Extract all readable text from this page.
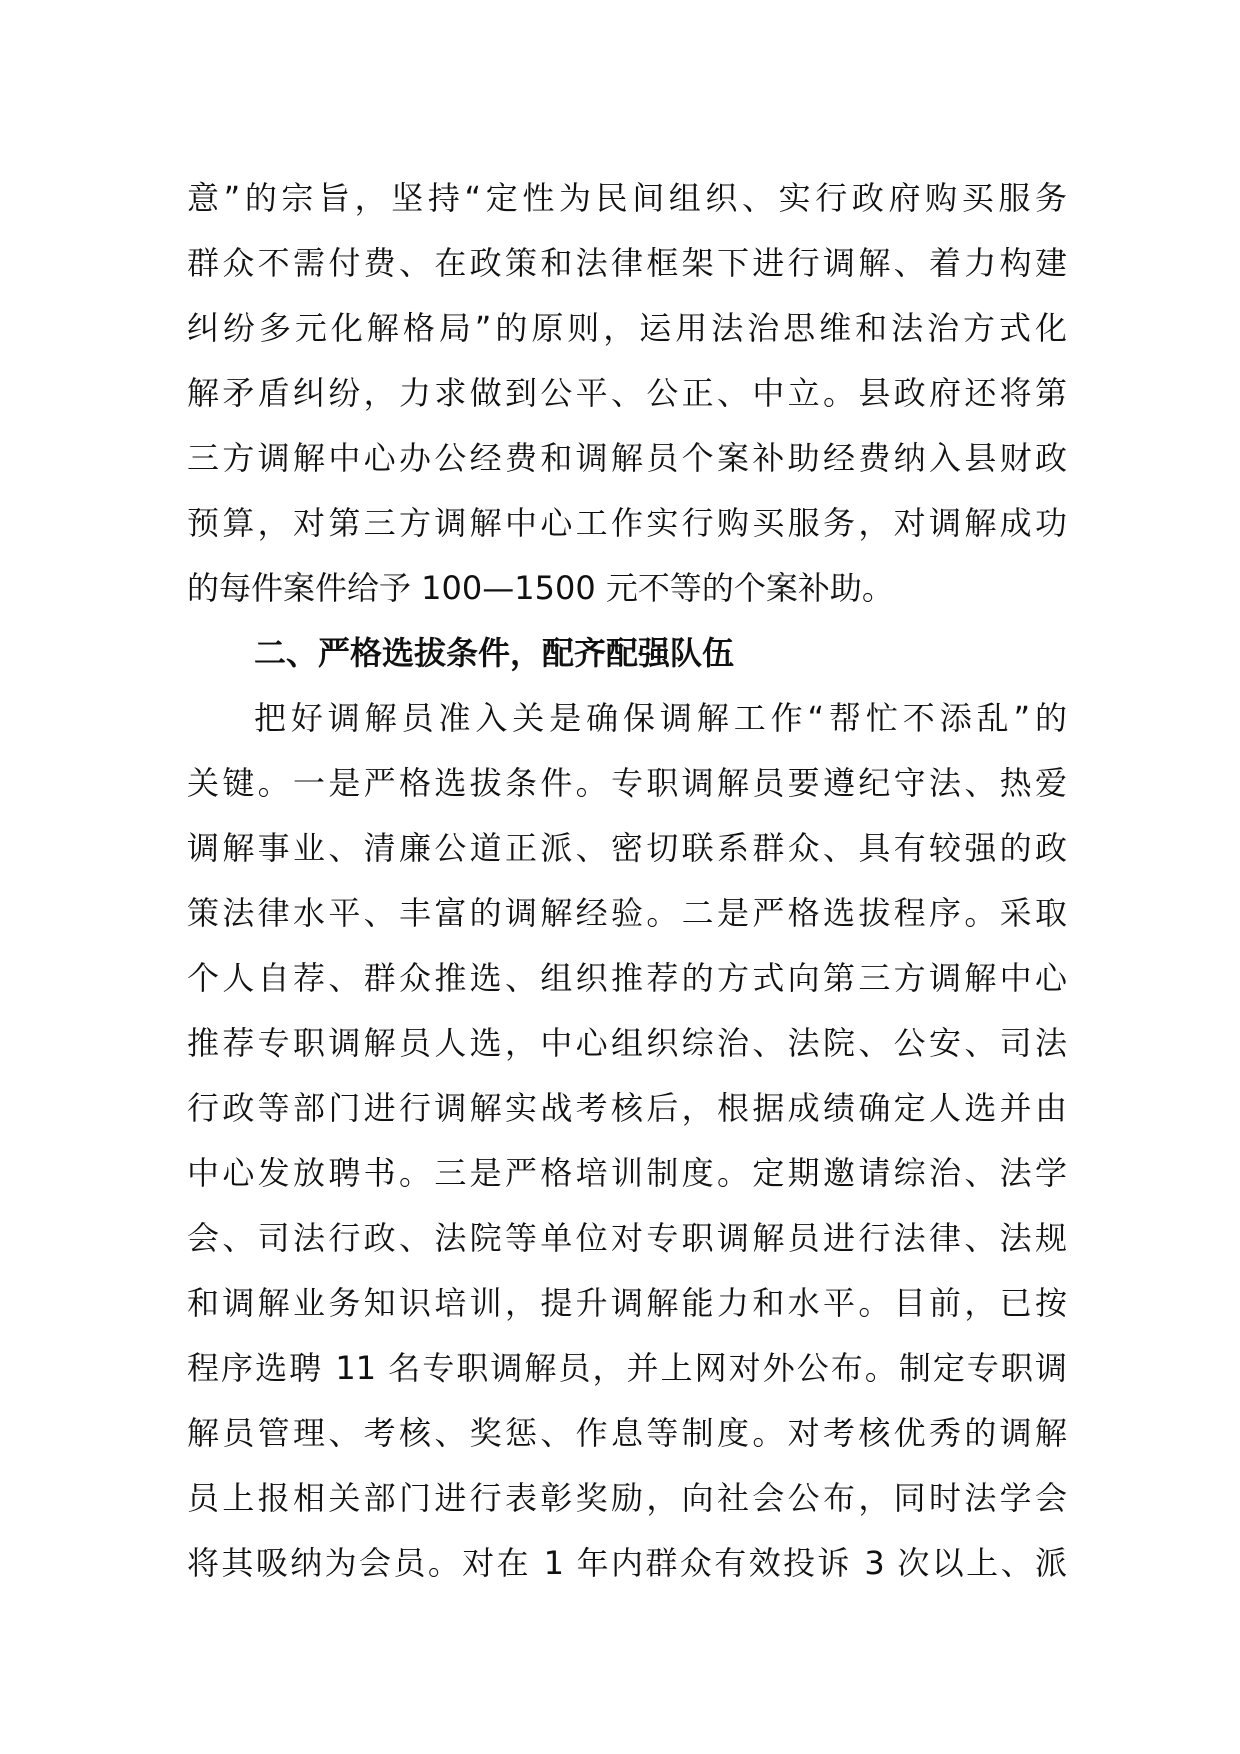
意”的宗旨，坚持“定性为民间组织、实行政府购买服务
群众不需付费、在政策和法律框架下进行调解、着力构建
纠纷多元化解格局”的原则，运用法治思维和法治方式化
解矛盾纠纷，力求做到公平、公正、中立。县政府还将第
三方调解中心办公经费和调解员个案补助经费纳入县财政
预算，对第三方调解中心工作实行购买服务，对调解成功
的每件案件给予 100—1500 元不等的个案补助。
二、严格选拔条件，配齐配强队伍
把好调解员准入关是确保调解工作“帮忙不添乱”的
关键。一是严格选拔条件。专职调解员要遵纪守法、热爱
调解事业、清廉公道正派、密切联系群众、具有较强的政
策法律水平、丰富的调解经验。二是严格选拔程序。采取
个人自荐、群众推选、组织推荐的方式向第三方调解中心
推荐专职调解员人选，中心组织综治、法院、公安、司法
行政等部门进行调解实战考核后，根据成绩确定人选并由
中心发放聘书。三是严格培训制度。定期邀请综治、法学
会、司法行政、法院等单位对专职调解员进行法律、法规
和调解业务知识培训，提升调解能力和水平。目前，已按
程序选聘 11 名专职调解员，并上网对外公布。制定专职调
解员管理、考核、奖惩、作息等制度。对考核优秀的调解
员上报相关部门进行表彰奖励，向社会公布，同时法学会
将其吸纳为会员。对在 1 年内群众有效投诉 3 次以上、派
